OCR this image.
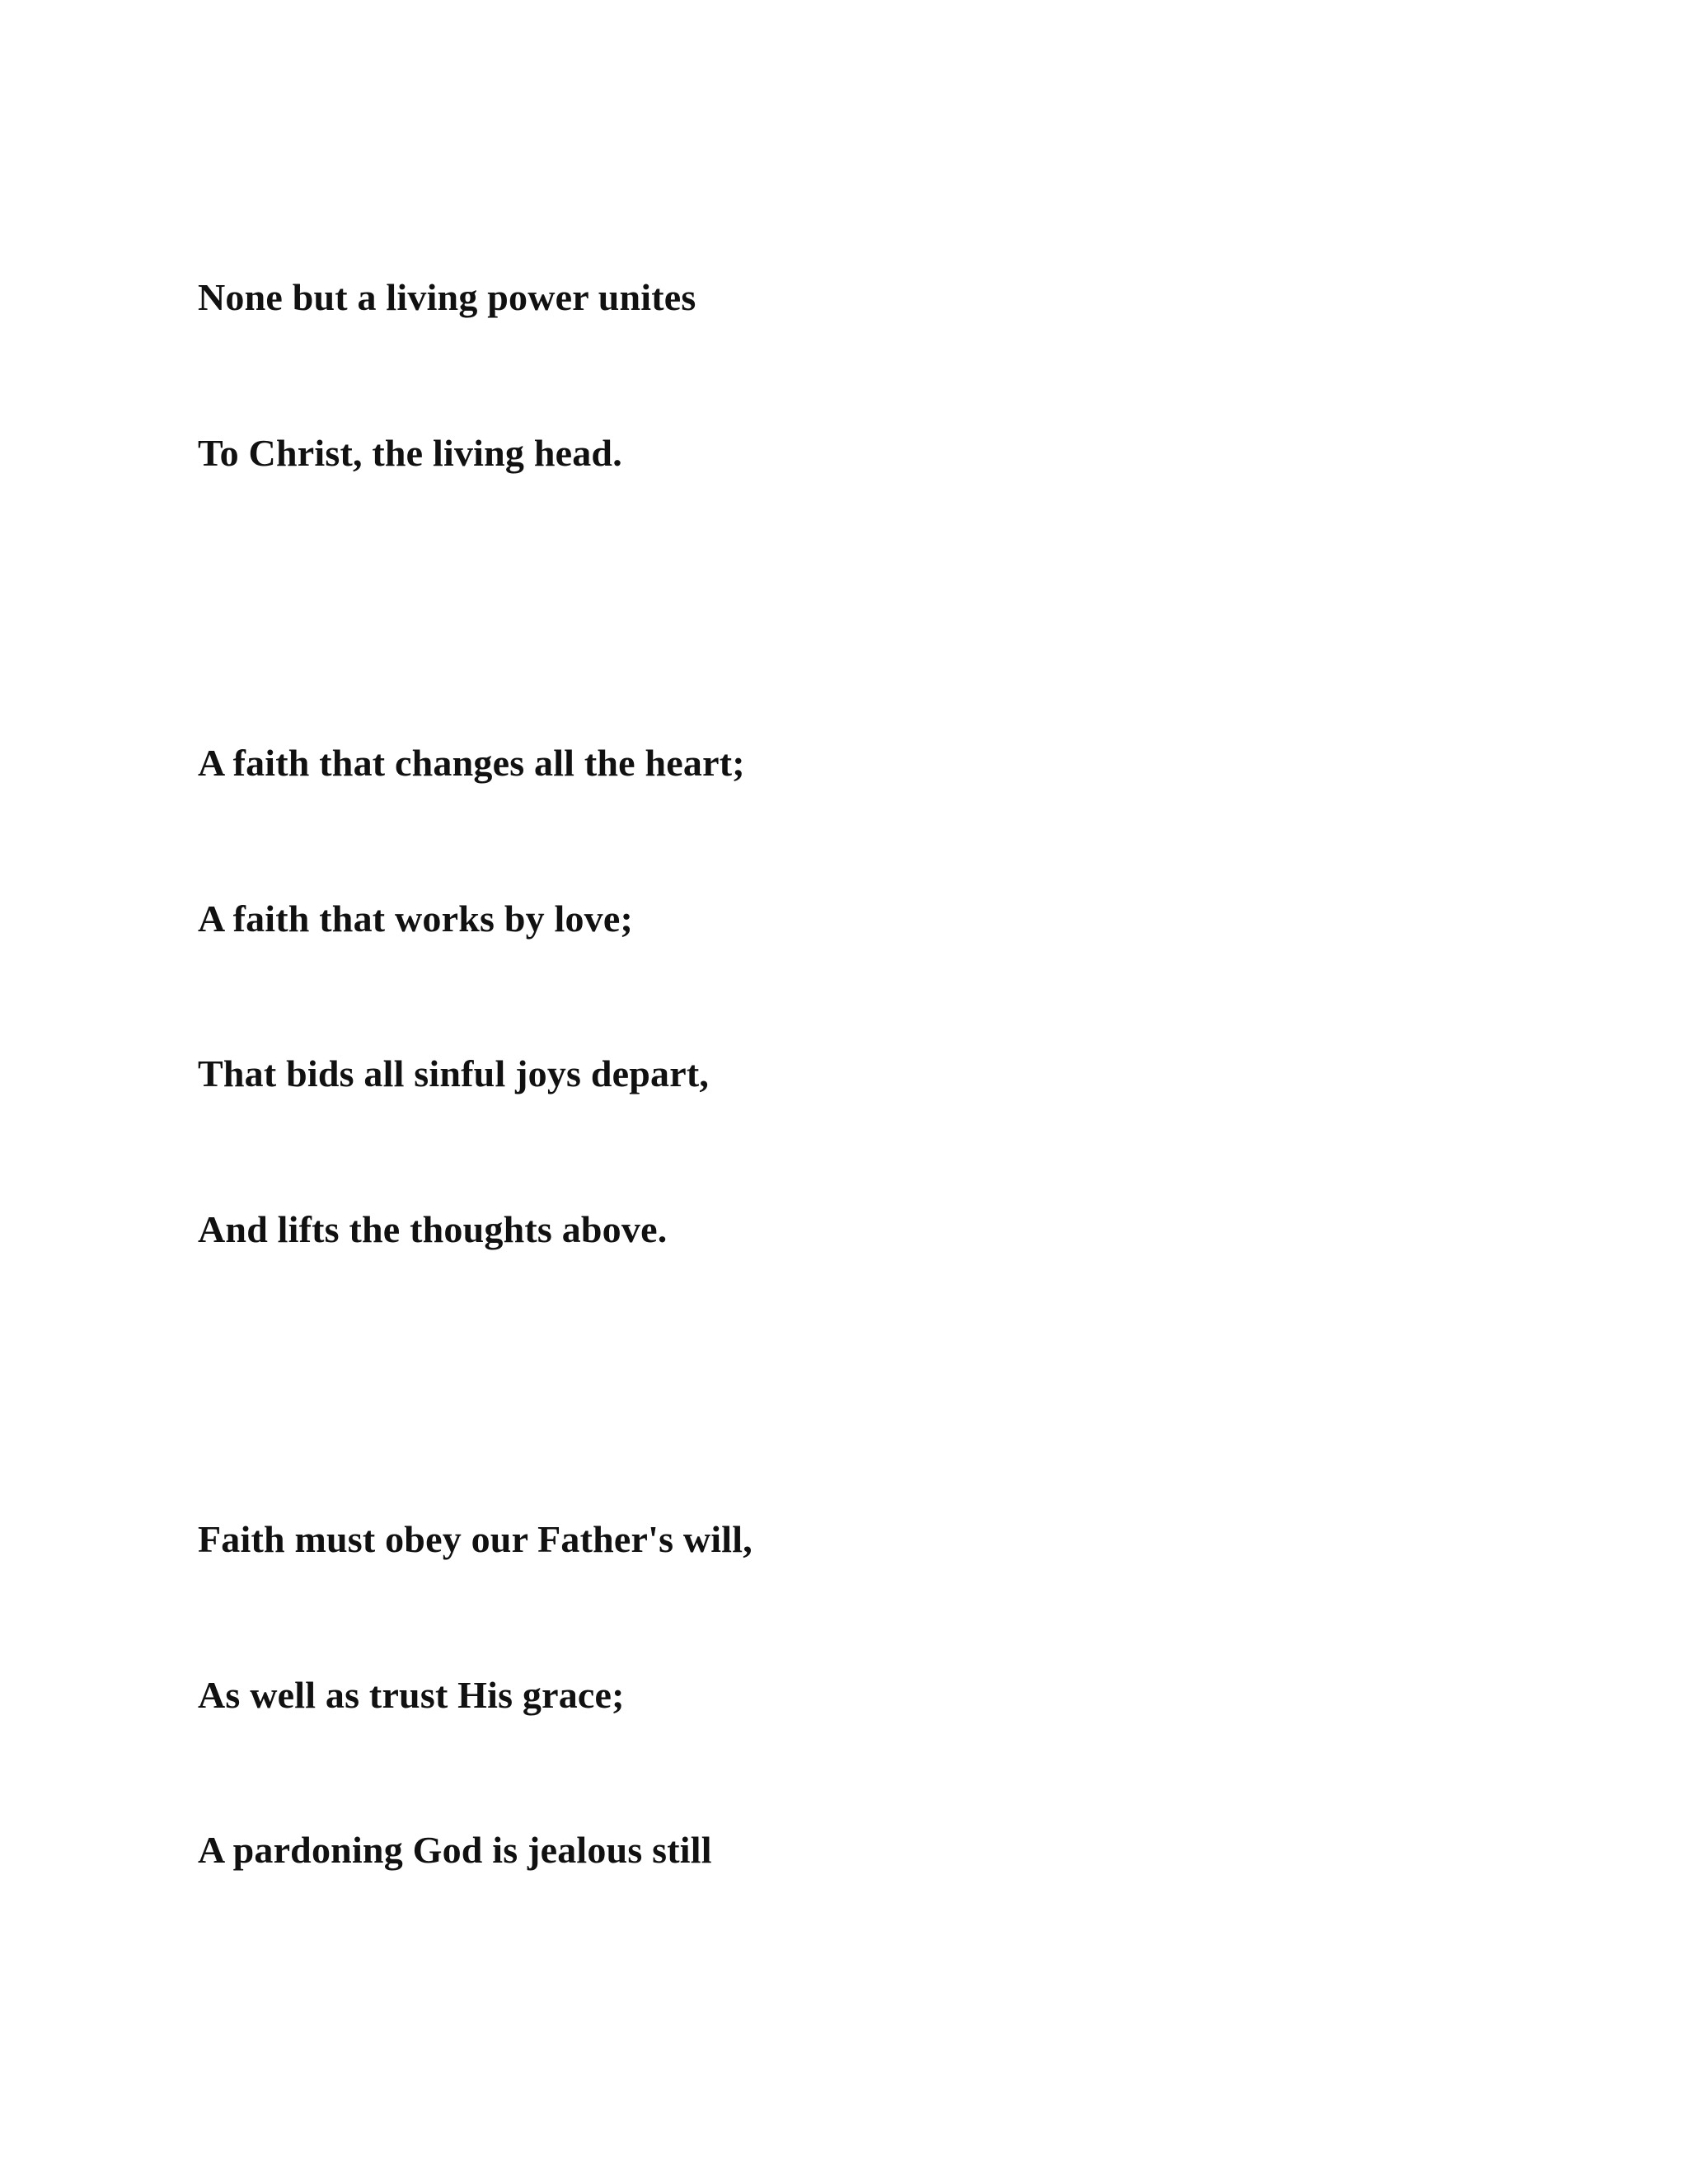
None but a living power unites

To Christ, the living head.

A faith that changes all the heart;

A faith that works by love;

That bids all sinful joys depart,

And lifts the thoughts above.

Faith must obey our Father's will,

As well as trust His grace;

A pardoning God is jealous still
